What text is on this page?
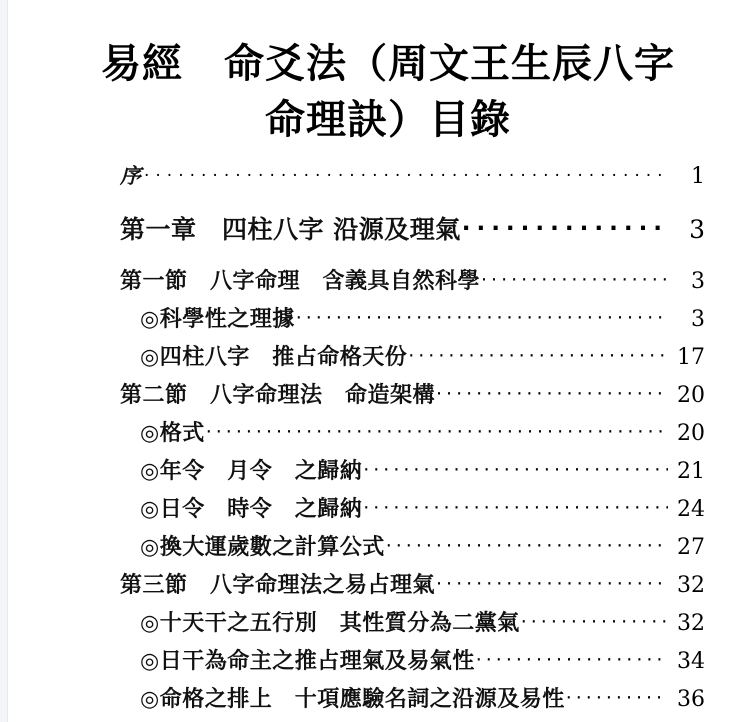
易經　命爻法（周文王生辰八字
命理訣）目錄
序 ·····	1
第一章　四柱八字 沿源及理氣 ·····	3
第一節　八字命理　含義具自然科學 ·····	3
◎科學性之理據 ·····	3
◎四柱八字　推占命格天份 ·····	17
第二節　八字命理法　命造架構 ·····	20
◎格式 ·····	20
◎年令　月令　之歸納 ·····	21
◎日令　時令　之歸納 ·····	24
◎換大運歲數之計算公式 ·····	27
第三節　八字命理法之易占理氣 ·····	32
◎十天干之五行別　其性質分為二黨氣 ·····	32
◎日干為命主之推占理氣及易氣性 ·····	34
◎命格之排上　十項應驗名詞之沿源及易性 ·····	36
